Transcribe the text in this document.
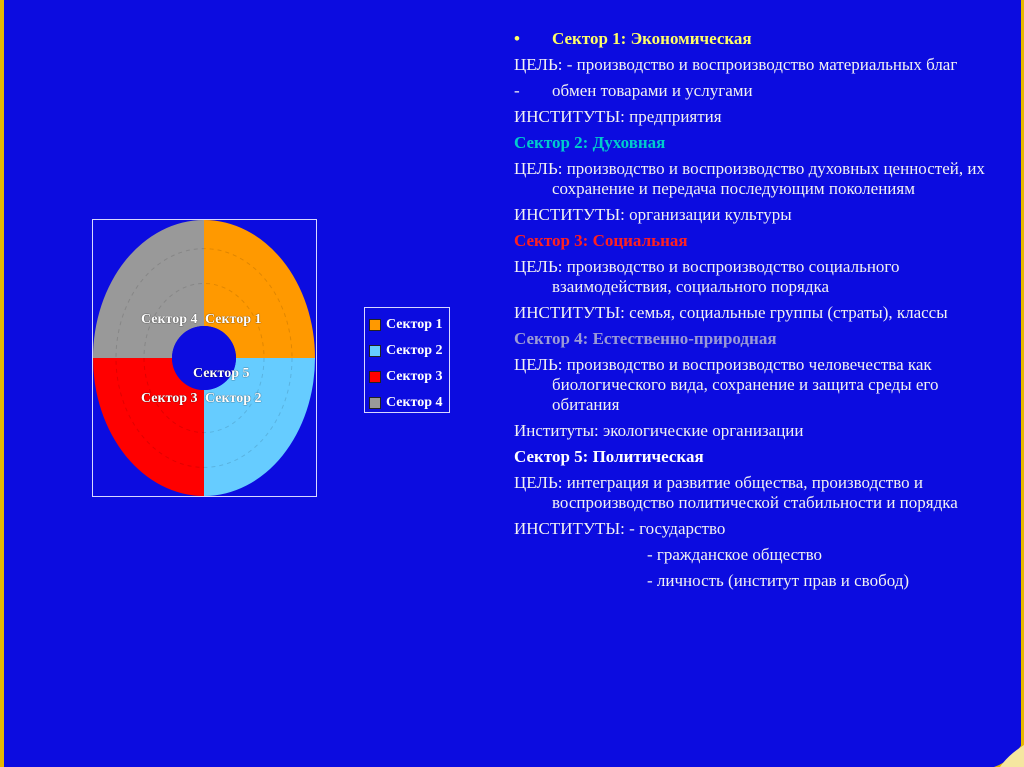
Сектор 4 Сектор 1
Сектор 5
Сектор 3 Сектор 2
Сектор 1
Сектор 2
Сектор 3
Сектор 4
•	Сектор 1: Экономическая

ЦЕЛЬ: - производство и воспроизводство материальных благ

-	обмен товарами и услугами

ИНСТИТУТЫ: предприятия

Сектор 2: Духовная

ЦЕЛЬ: производство и воспроизводство духовных ценностей, их сохранение и передача последующим поколениям

ИНСТИТУТЫ: организации культуры

Сектор 3: Социальная

ЦЕЛЬ: производство и воспроизводство социального взаимодействия, социального порядка

ИНСТИТУТЫ: семья, социальные группы (страты), классы

Сектор 4: Естественно-природная

ЦЕЛЬ: производство и воспроизводство человечества как биологического вида, сохранение и защита среды его обитания

Институты: экологические организации

Сектор 5: Политическая

ЦЕЛЬ: интеграция и развитие общества, производство и воспроизводство политической стабильности и порядка

ИНСТИТУТЫ: - государство

- гражданское общество

- личность (институт прав и свобод)
